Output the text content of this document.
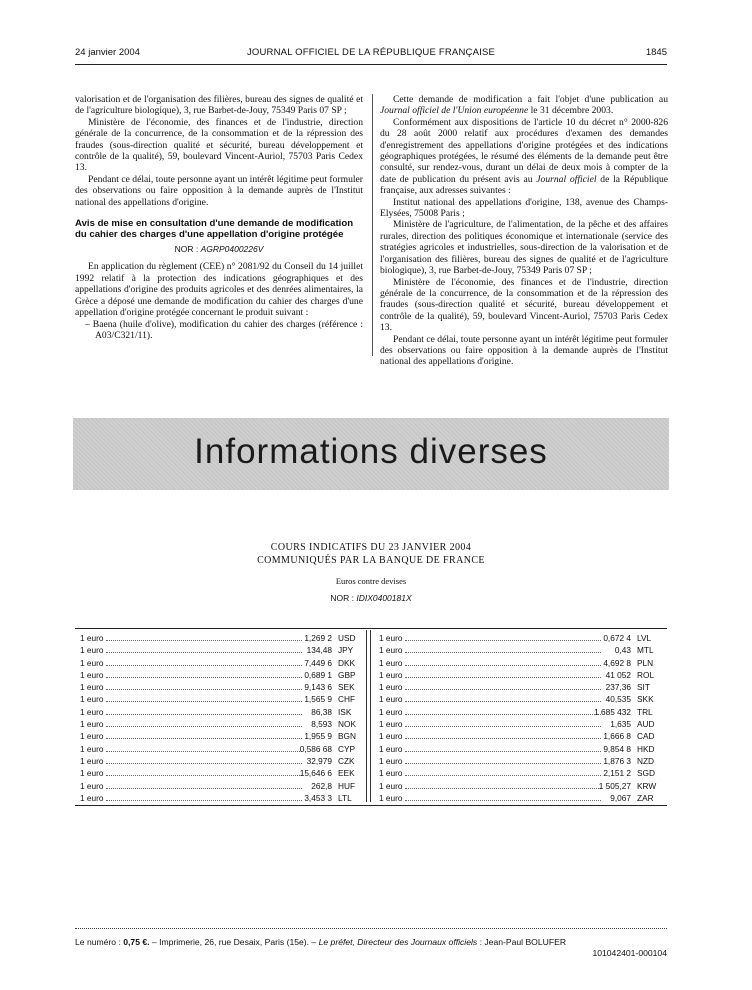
24 janvier 2004	JOURNAL OFFICIEL DE LA RÉPUBLIQUE FRANÇAISE	1845

valorisation et de l'organisation des filières, bureau des signes de qualité et de l'agriculture biologique), 3, rue Barbet-de-Jouy, 75349 Paris 07 SP ;

Ministère de l'économie, des finances et de l'industrie, direction générale de la concurrence, de la consommation et de la répression des fraudes (sous-direction qualité et sécurité, bureau développement et contrôle de la qualité), 59, boulevard Vincent-Auriol, 75703 Paris Cedex 13.

Pendant ce délai, toute personne ayant un intérêt légitime peut formuler des observations ou faire opposition à la demande auprès de l'Institut national des appellations d'origine.

Avis de mise en consultation d'une demande de modification du cahier des charges d'une appellation d'origine protégée
NOR : AGRP0400226V

En application du règlement (CEE) n° 2081/92 du Conseil du 14 juillet 1992 relatif à la protection des indications géographiques et des appellations d'origine des produits agricoles et des denrées alimentaires, la Grèce a déposé une demande de modification du cahier des charges d'une appellation d'origine protégée concernant le produit suivant :

– Baena (huile d'olive), modification du cahier des charges (référence : A03/C321/11).

Cette demande de modification a fait l'objet d'une publication au Journal officiel de l'Union européenne le 31 décembre 2003.

Conformément aux dispositions de l'article 10 du décret n° 2000-826 du 28 août 2000 relatif aux procédures d'examen des demandes d'enregistrement des appellations d'origine protégées et des indications géographiques protégées, le résumé des éléments de la demande peut être consulté, sur rendez-vous, durant un délai de deux mois à compter de la date de publication du présent avis au Journal officiel de la République française, aux adresses suivantes :

Institut national des appellations d'origine, 138, avenue des Champs-Elysées, 75008 Paris ;

Ministère de l'agriculture, de l'alimentation, de la pêche et des affaires rurales, direction des politiques économique et internationale (service des stratégies agricoles et industrielles, sous-direction de la valorisation et de l'organisation des filières, bureau des signes de qualité et de l'agriculture biologique), 3, rue Barbet-de-Jouy, 75349 Paris 07 SP ;

Ministère de l'économie, des finances et de l'industrie, direction générale de la concurrence, de la consommation et de la répression des fraudes (sous-direction qualité et sécurité, bureau développement et contrôle de la qualité), 59, boulevard Vincent-Auriol, 75703 Paris Cedex 13.

Pendant ce délai, toute personne ayant un intérêt légitime peut formuler des observations ou faire opposition à la demande auprès de l'Institut national des appellations d'origine.

Informations diverses
COURS INDICATIFS DU 23 JANVIER 2004
COMMUNIQUÉS PAR LA BANQUE DE FRANCE
Euros contre devises
NOR : IDIX0400181X
1 euro	1,269 2 USD
1 euro	134,48 JPY
1 euro	7,449 6 DKK
1 euro	0,689 1 GBP
1 euro	9,143 6 SEK
1 euro	1,565 9 CHF
1 euro	86,38 ISK
1 euro	8,593 NOK
1 euro	1,955 9 BGN
1 euro	0,586 68 CYP
1 euro	32,979 CZK
1 euro	15,646 6 EEK
1 euro	262,8 HUF
1 euro	3,453 3 LTL
1 euro	0,672 4 LVL
1 euro	0,43 MTL
1 euro	4,692 8 PLN
1 euro	41 052 ROL
1 euro	237,36 SIT
1 euro	40,535 SKK
1 euro	1 685 432 TRL
1 euro	1,635 AUD
1 euro	1,666 8 CAD
1 euro	9,854 8 HKD
1 euro	1,876 3 NZD
1 euro	2,151 2 SGD
1 euro	1 505,27 KRW
1 euro	9,067 ZAR
Le numéro : 0,75 €. – Imprimerie, 26, rue Desaix, Paris (15e). – Le préfet, Directeur des Journaux officiels : Jean-Paul BOLUFER
101042401-000104
